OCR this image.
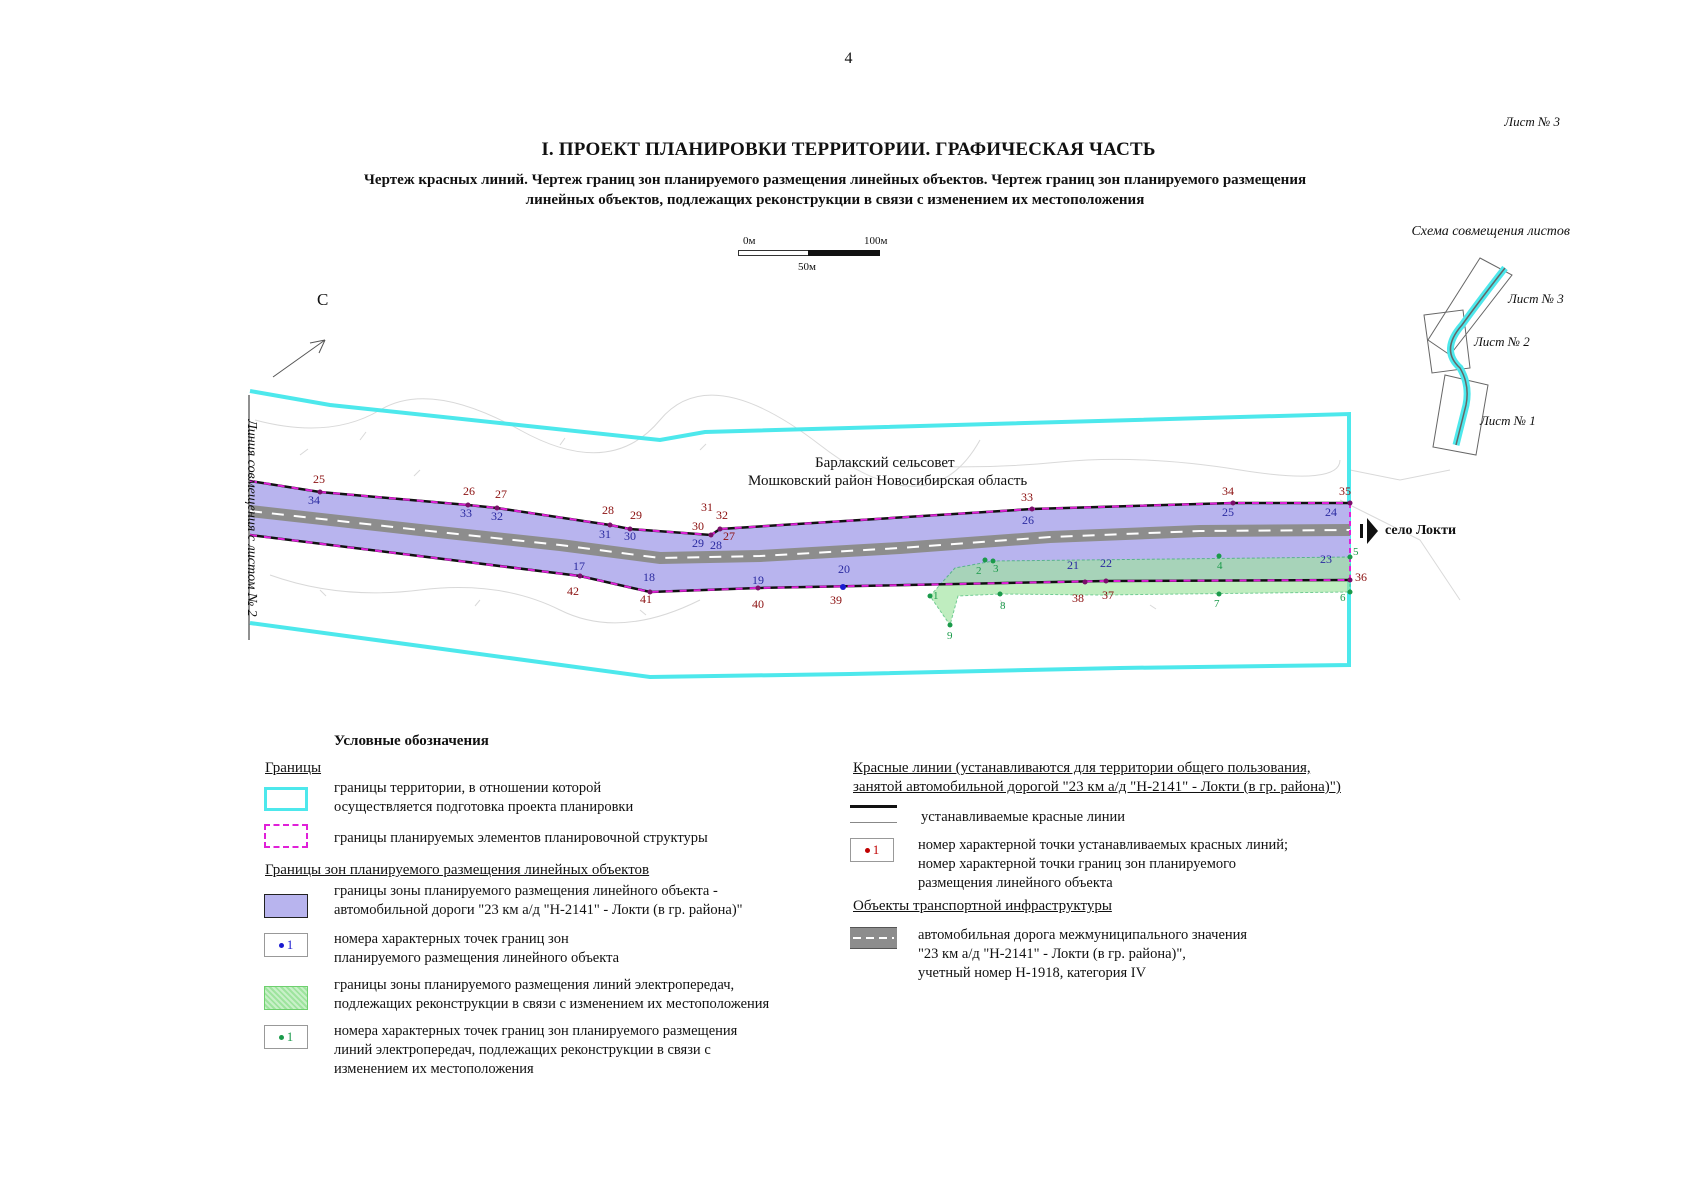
4
Лист № 3
I. ПРОЕКТ ПЛАНИРОВКИ ТЕРРИТОРИИ. ГРАФИЧЕСКАЯ ЧАСТЬ
Чертеж красных линий. Чертеж границ зон планируемого размещения линейных объектов. Чертеж границ зон планируемого размещения
линейных объектов, подлежащих реконструкции в связи с изменением их местоположения
0м	100м
50м
Схема совмещения листов
С	Лист № 3
Лист № 2
Лист № 1
Линия совмещения с листом № 2	Барлакский сельсовет
Мошковский район Новосибирская область
село Локти
25
26 27
28 29
30
31
32
27
33	34	35
36
37
38
39
40
41
42
34
33 32
31 30	29 28
26
25	24
23
22
21
20
19
18
17
1
2 3	4
5
6
7
8
9
Условные обозначения
Границы
границы территории, в отношении которой
осуществляется подготовка проекта планировки
границы планируемых элементов планировочной структуры
Границы зон планируемого размещения линейных объектов
границы зоны планируемого размещения линейного объекта -
автомобильной дороги "23 км а/д "Н-2141" - Локти (в гр. района)"
1	номера характерных точек границ зон
планируемого размещения линейного объекта
границы зоны планируемого размещения линий электропередач,
подлежащих реконструкции в связи с изменением их местоположения
1	номера характерных точек границ зон планируемого размещения
линий электропередач, подлежащих реконструкции в связи с
изменением их местоположения
Красные линии (устанавливаются для территории общего пользования,
занятой автомобильной дорогой "23 км а/д "Н-2141" - Локти (в гр. района)")
устанавливаемые красные линии
1	номер характерной точки устанавливаемых красных линий;
номер характерной точки границ зон планируемого
размещения линейного объекта
Объекты транспортной инфраструктуры
автомобильная дорога межмуниципального значения
"23 км а/д "Н-2141" - Локти (в гр. района)",
учетный номер Н-1918, категория IV
